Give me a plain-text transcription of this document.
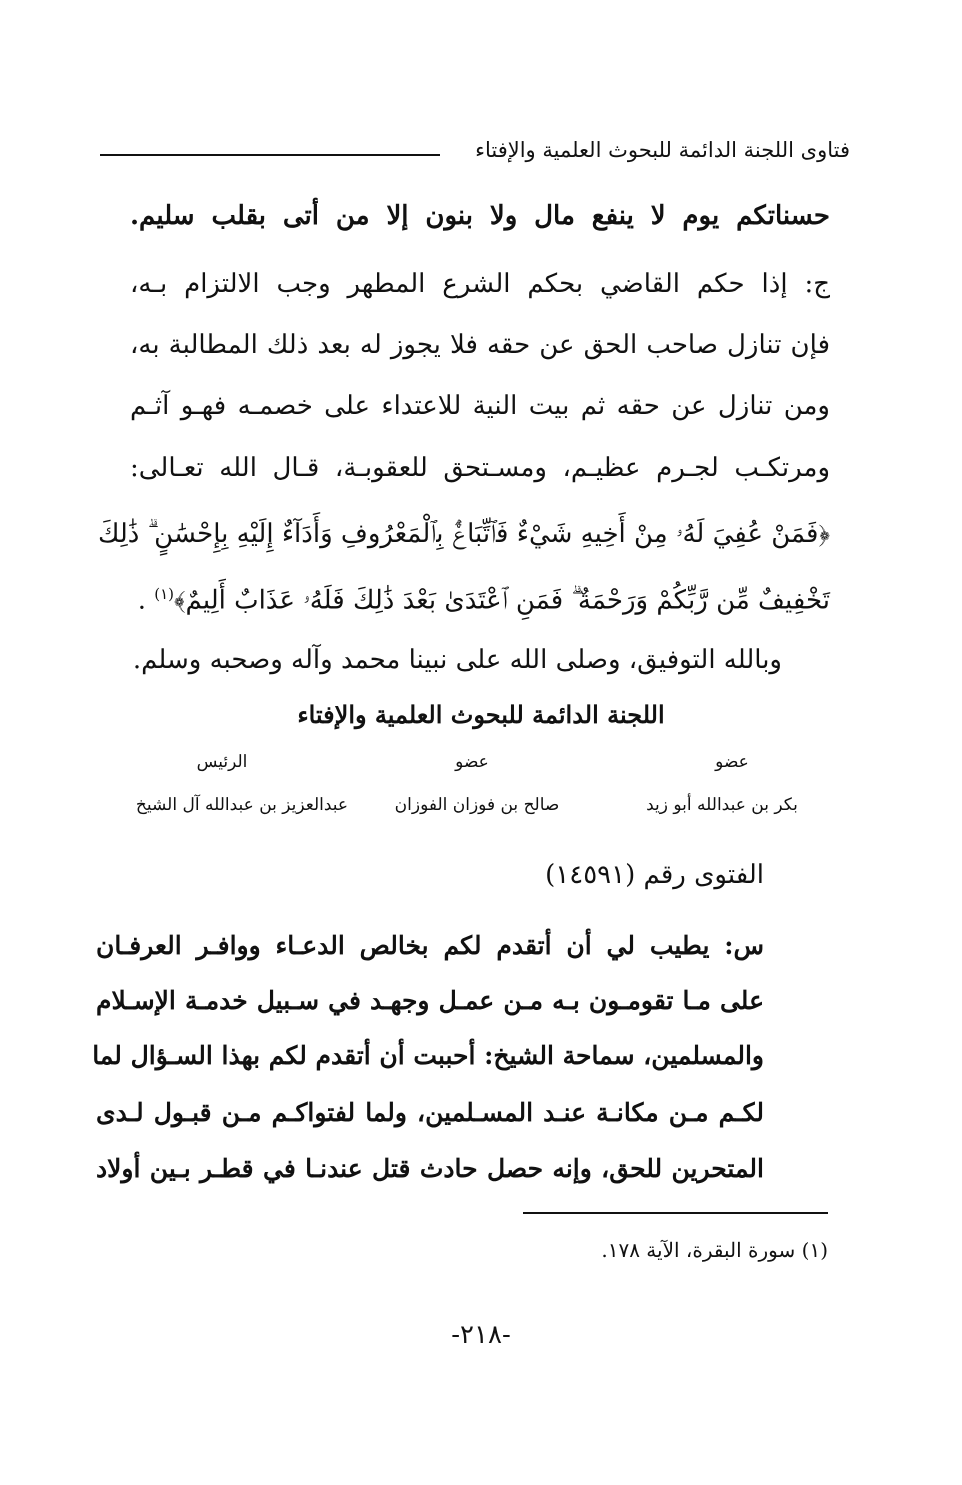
فتاوى اللجنة الدائمة للبحوث العلمية والإفتاء
حسناتكم يوم لا ينفع مال ولا بنون إلا من أتى بقلب سليم.
ج: إذا حكم القاضي بحكم الشرع المطهر وجب الالتزام بـه،
فإن تنازل صاحب الحق عن حقه فلا يجوز له بعد ذلك المطالبة به،
ومن تنازل عن حقه ثم بيت النية للاعتداء على خصمـه فهـو آثـم
ومرتكـب لجـرم عظيـم، ومسـتحق للعقوبـة، قـال الله تعـالى:
﴿فَمَنْ عُفِيَ لَهُۥ مِنْ أَخِيهِ شَيْءٌ فَٱتِّبَاعٌۢ بِٱلْمَعْرُوفِ وَأَدَآءٌ إِلَيْهِ بِإِحْسَٰنٍ ۗ ذَٰلِكَ
تَخْفِيفٌ مِّن رَّبِّكُمْ وَرَحْمَةٌ ۗ فَمَنِ ٱعْتَدَىٰ بَعْدَ ذَٰلِكَ فَلَهُۥ عَذَابٌ أَلِيمٌ﴾$^{(١)}$ .
وبالله التوفيق، وصلى الله على نبينا محمد وآله وصحبه وسلم.
اللجنة الدائمة للبحوث العلمية والإفتاء
عضو
عضو
الرئيس
بكر بن عبدالله أبو زيد
صالح بن فوزان الفوزان
عبدالعزيز بن عبدالله آل الشيخ
الفتوى رقم (١٤٥٩١)
س: يطيب لي أن أتقدم لكم بخالص الدعـاء ووافـر العرفـان
على مـا تقومـون بـه مـن عمـل وجهـد في سـبيل خدمـة الإسـلام
والمسلمين، سماحة الشيخ: أحببت أن أتقدم لكم بهذا السـؤال لما
لكـم مـن مكانـة عنـد المسـلمين، ولما لفتواكـم مـن قبـول لـدى
المتحرين للحق، وإنه حصل حادث قتل عندنـا في قطـر بـين أولاد
(١) سورة البقرة، الآية ١٧٨.
-٢١٨-
